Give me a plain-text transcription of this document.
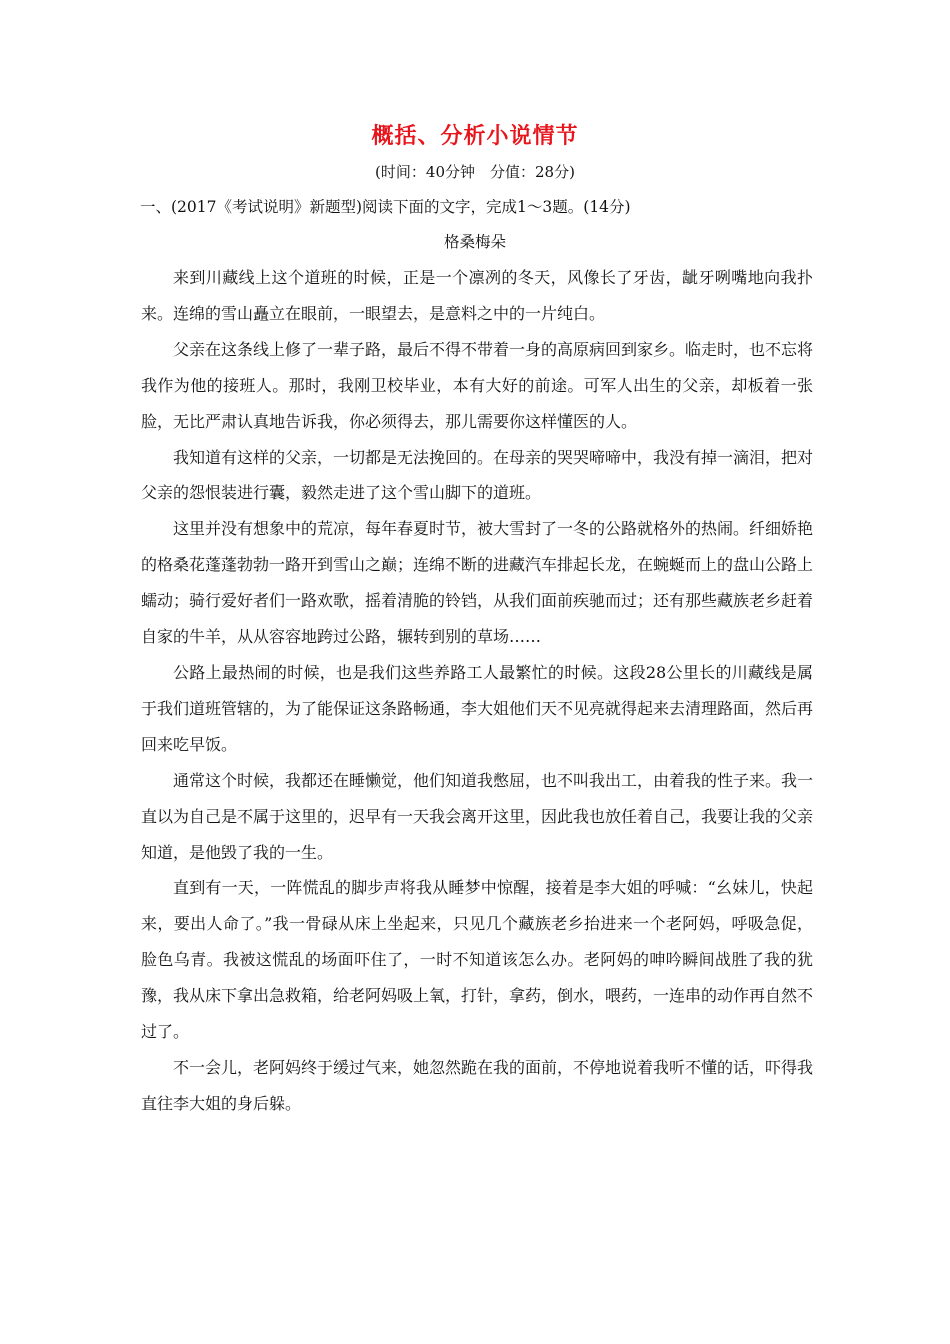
概括、分析小说情节
(时间：40分钟　分值：28分)
一、(2017《考试说明》新题型)阅读下面的文字，完成1～3题。(14分)
格桑梅朵

来到川藏线上这个道班的时候，正是一个凛冽的冬天，风像长了牙齿，龇牙咧嘴地向我扑来。连绵的雪山矗立在眼前，一眼望去，是意料之中的一片纯白。

父亲在这条线上修了一辈子路，最后不得不带着一身的高原病回到家乡。临走时，也不忘将我作为他的接班人。那时，我刚卫校毕业，本有大好的前途。可军人出生的父亲，却板着一张脸，无比严肃认真地告诉我，你必须得去，那儿需要你这样懂医的人。

我知道有这样的父亲，一切都是无法挽回的。在母亲的哭哭啼啼中，我没有掉一滴泪，把对父亲的怨恨装进行囊，毅然走进了这个雪山脚下的道班。

这里并没有想象中的荒凉，每年春夏时节，被大雪封了一冬的公路就格外的热闹。纤细娇艳的格桑花蓬蓬勃勃一路开到雪山之巅；连绵不断的进藏汽车排起长龙，在蜿蜒而上的盘山公路上蠕动；骑行爱好者们一路欢歌，摇着清脆的铃铛，从我们面前疾驰而过；还有那些藏族老乡赶着自家的牛羊，从从容容地跨过公路，辗转到别的草场……

公路上最热闹的时候，也是我们这些养路工人最繁忙的时候。这段28公里长的川藏线是属于我们道班管辖的，为了能保证这条路畅通，李大姐他们天不见亮就得起来去清理路面，然后再回来吃早饭。

通常这个时候，我都还在睡懒觉，他们知道我憋屈，也不叫我出工，由着我的性子来。我一直以为自己是不属于这里的，迟早有一天我会离开这里，因此我也放任着自己，我要让我的父亲知道，是他毁了我的一生。

直到有一天，一阵慌乱的脚步声将我从睡梦中惊醒，接着是李大姐的呼喊：“幺妹儿，快起来，要出人命了。”我一骨碌从床上坐起来，只见几个藏族老乡抬进来一个老阿妈，呼吸急促，脸色乌青。我被这慌乱的场面吓住了，一时不知道该怎么办。老阿妈的呻吟瞬间战胜了我的犹豫，我从床下拿出急救箱，给老阿妈吸上氧，打针，拿药，倒水，喂药，一连串的动作再自然不过了。

不一会儿，老阿妈终于缓过气来，她忽然跪在我的面前，不停地说着我听不懂的话，吓得我直往李大姐的身后躲。
